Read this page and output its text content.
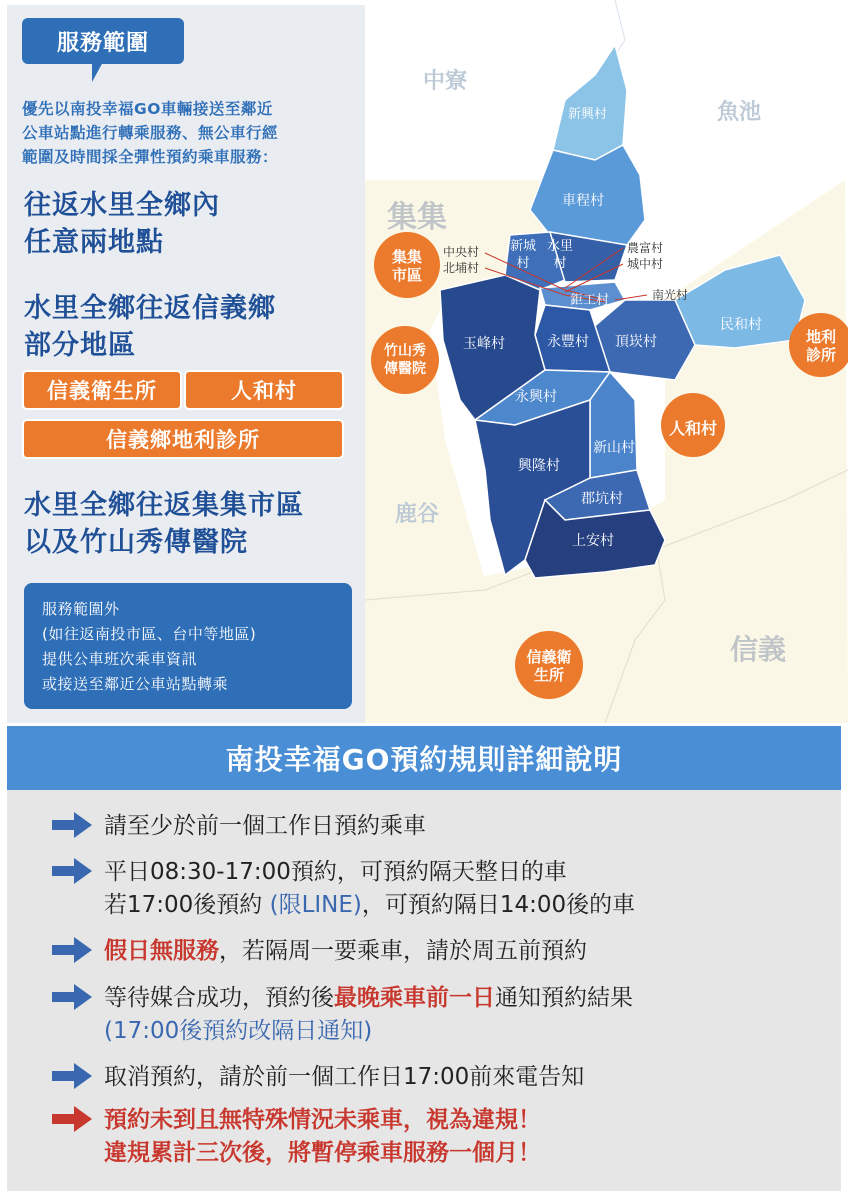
服務範圍
優先以南投幸福GO車輛接送至鄰近
公車站點進行轉乘服務、無公車行經
範圍及時間採全彈性預約乘車服務：
往返水里全鄉內
任意兩地點
水里全鄉往返信義鄉
部分地區
信義衛生所	人和村
信義鄉地利診所
水里全鄉往返集集市區
以及竹山秀傳醫院
服務範圍外
(如往返南投市區、台中等地區)
提供公車班次乘車資訊
或接送至鄰近公車站點轉乘
中寮
魚池
集集
鹿谷
信義
新興村
車程村
新城村
水里村
中央村
北埔村
農富村
城中村
鉅工村	南光村
民和村
玉峰村	永豐村 頂崁村
永興村
新山村
興隆村
郡坑村
上安村
集集市區
竹山秀傳醫院
地利診所
人和村
信義衛生所
南投幸福GO預約規則詳細說明
請至少於前一個工作日預約乘車
平日08:30-17:00預約，可預約隔天整日的車
若17:00後預約 (限LINE)，可預約隔日14:00後的車
假日無服務，若隔周一要乘車，請於周五前預約
等待媒合成功，預約後最晚乘車前一日通知預約結果
(17:00後預約改隔日通知)
取消預約，請於前一個工作日17:00前來電告知
預約未到且無特殊情況未乘車，視為違規！
違規累計三次後，將暫停乘車服務一個月！
